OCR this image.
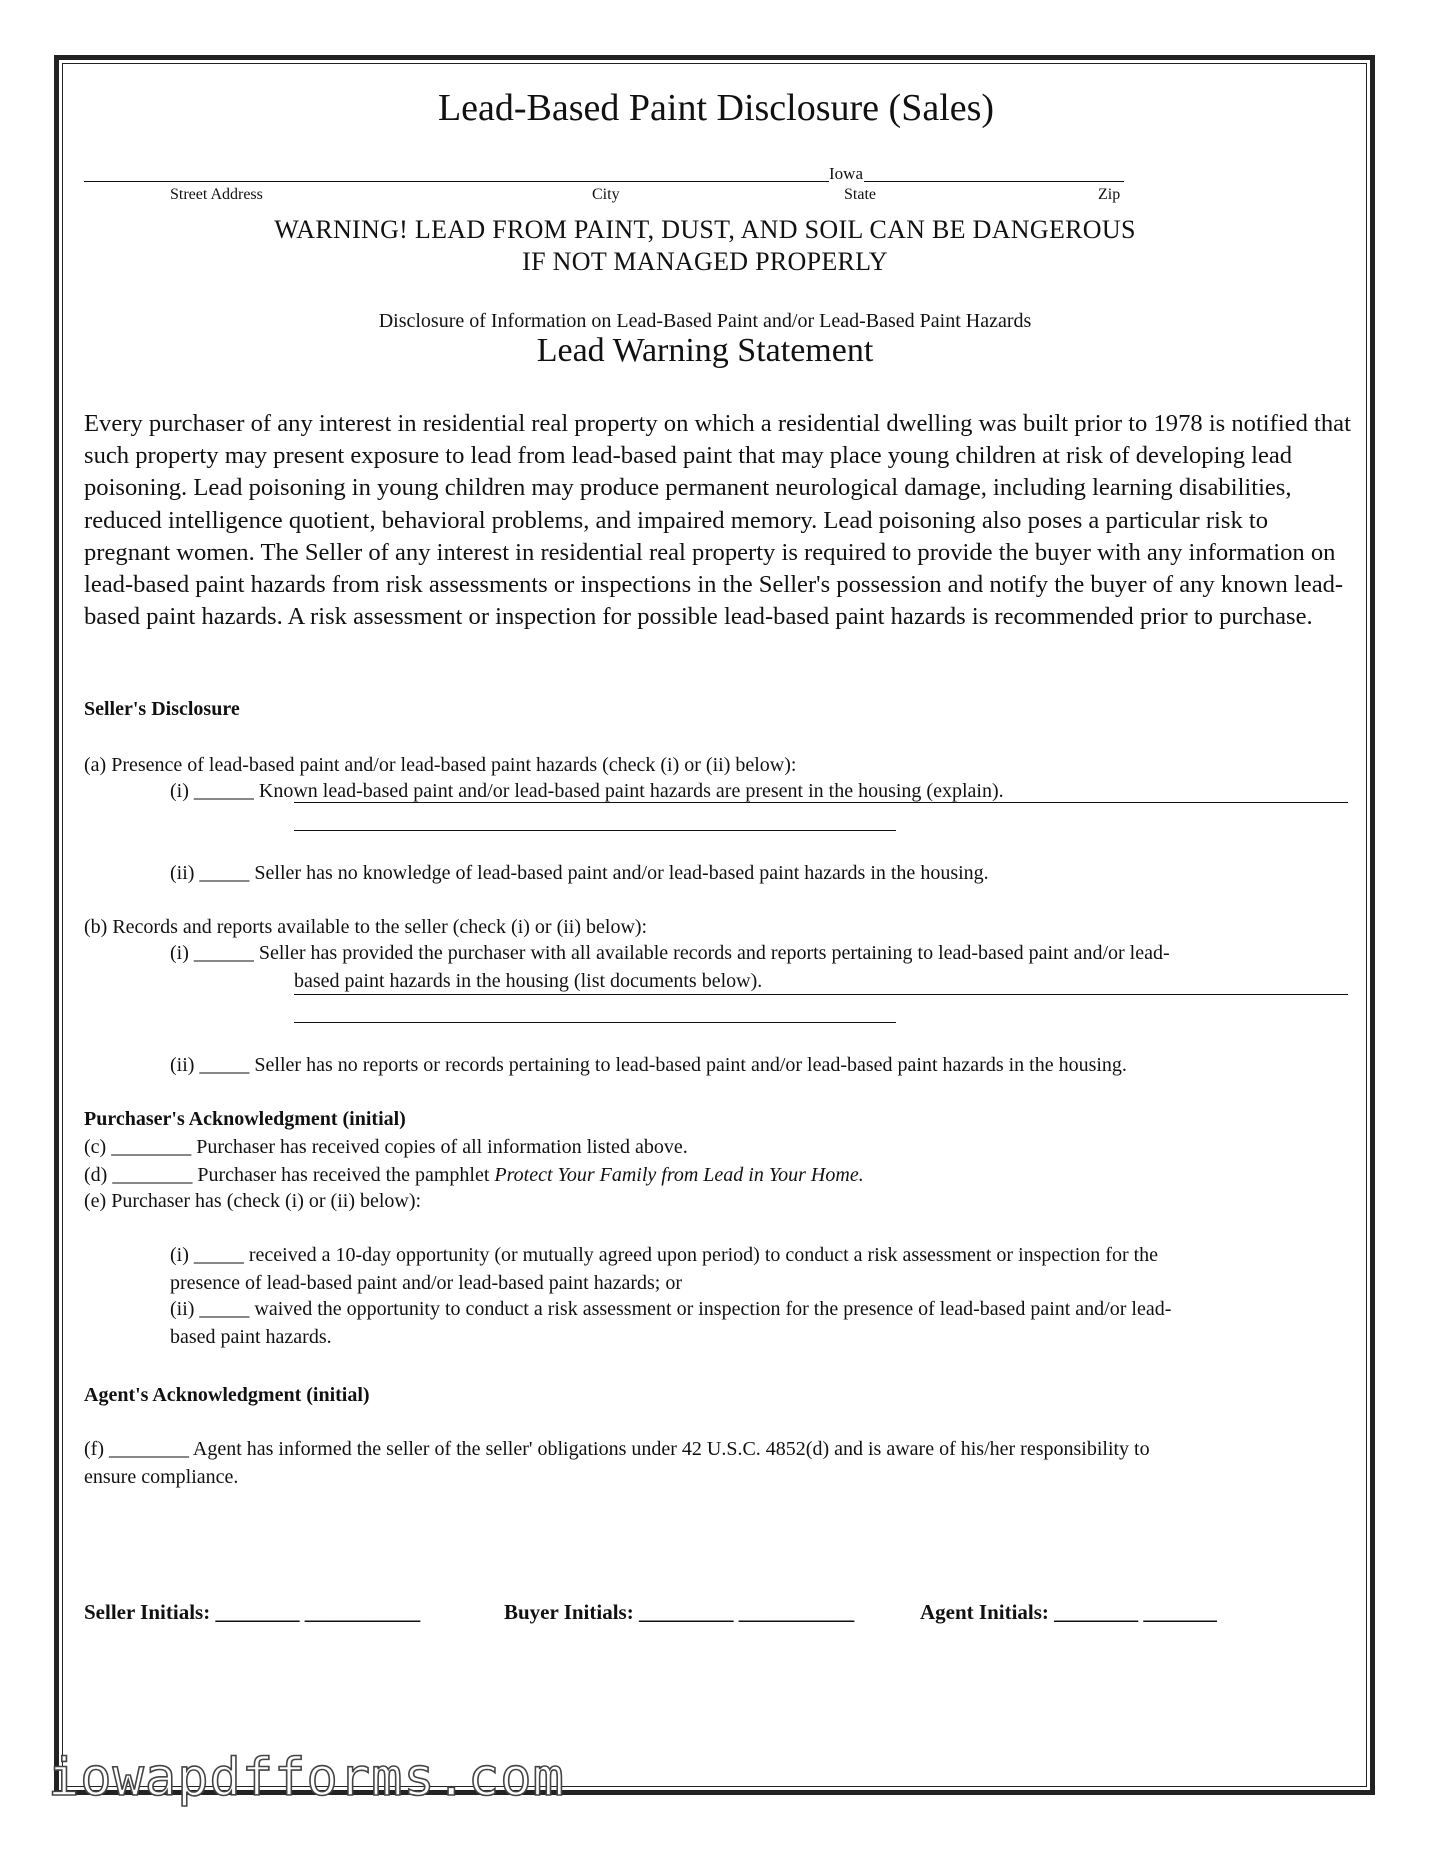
Lead-Based Paint Disclosure (Sales)
Iowa
Street Address	City	State	Zip
WARNING! LEAD FROM PAINT, DUST, AND SOIL CAN BE DANGEROUS
IF NOT MANAGED PROPERLY
Disclosure of Information on Lead-Based Paint and/or Lead-Based Paint Hazards
Lead Warning Statement
Every purchaser of any interest in residential real property on which a residential dwelling was built prior to 1978 is notified that such property may present exposure to lead from lead-based paint that may place young children at risk of developing lead poisoning. Lead poisoning in young children may produce permanent neurological damage, including learning disabilities, reduced intelligence quotient, behavioral problems, and impaired memory. Lead poisoning also poses a particular risk to pregnant women. The Seller of any interest in residential real property is required to provide the buyer with any information on lead-based paint hazards from risk assessments or inspections in the Seller's possession and notify the buyer of any known lead-based paint hazards. A risk assessment or inspection for possible lead-based paint hazards is recommended prior to purchase.
Seller's Disclosure
(a) Presence of lead-based paint and/or lead-based paint hazards (check (i) or (ii) below):
(i) ______ Known lead-based paint and/or lead-based paint hazards are present in the housing (explain).
(ii) _____ Seller has no knowledge of lead-based paint and/or lead-based paint hazards in the housing.
(b) Records and reports available to the seller (check (i) or (ii) below):
(i) ______ Seller has provided the purchaser with all available records and reports pertaining to lead-based paint and/or lead-
based paint hazards in the housing (list documents below).
(ii) _____ Seller has no reports or records pertaining to lead-based paint and/or lead-based paint hazards in the housing.
Purchaser's Acknowledgment (initial)
(c) ________ Purchaser has received copies of all information listed above.
(d) ________ Purchaser has received the pamphlet Protect Your Family from Lead in Your Home.
(e) Purchaser has (check (i) or (ii) below):
(i) _____ received a 10-day opportunity (or mutually agreed upon period) to conduct a risk assessment or inspection for the
presence of lead-based paint and/or lead-based paint hazards; or
(ii) _____ waived the opportunity to conduct a risk assessment or inspection for the presence of lead-based paint and/or lead-
based paint hazards.
Agent's Acknowledgment (initial)
(f) ________ Agent has informed the seller of the seller' obligations under 42 U.S.C. 4852(d) and is aware of his/her responsibility to
ensure compliance.
Seller Initials: ________ ___________	Buyer Initials: _________ ___________	Agent Initials: ________ _______
iowapdfforms.com
